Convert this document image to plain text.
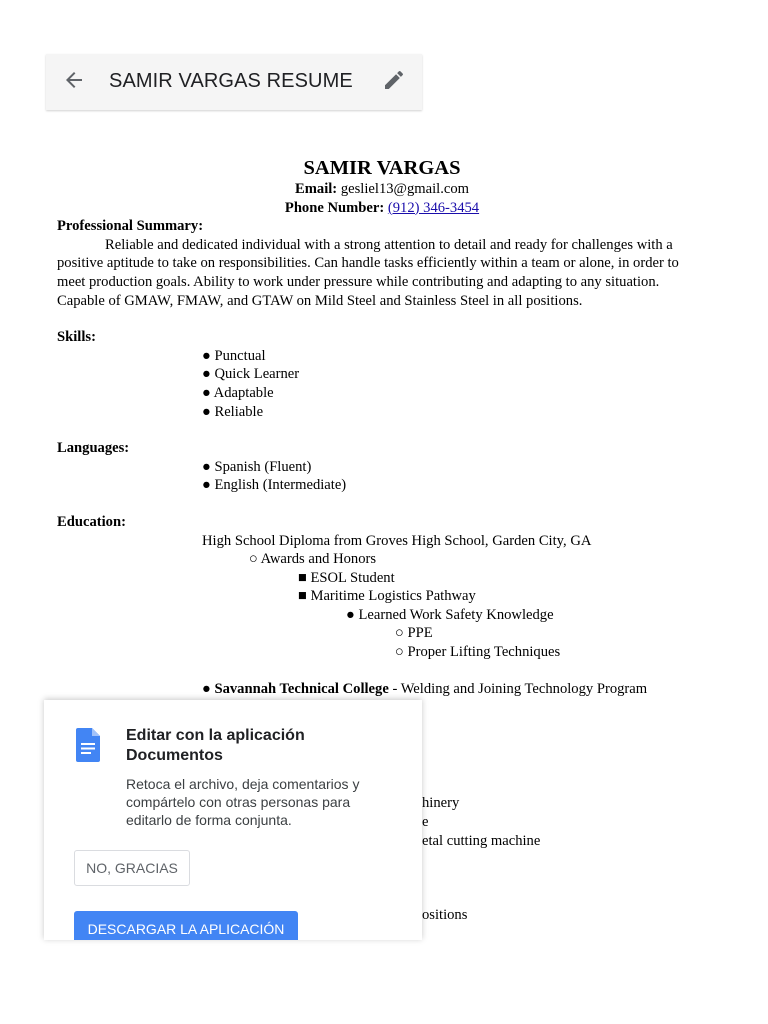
SAMIR VARGAS RESUME
SAMIR VARGAS
Email: gesliel13@gmail.com
Phone Number: (912) 346-3454
Professional Summary:

Reliable and dedicated individual with a strong attention to detail and ready for challenges with a positive aptitude to take on responsibilities. Can handle tasks efficiently within a team or alone, in order to meet production goals. Ability to work under pressure while contributing and adapting to any situation. Capable of GMAW, FMAW, and GTAW on Mild Steel and Stainless Steel in all positions.

Skills:
● Punctual
● Quick Learner
● Adaptable
● Reliable
Languages:
● Spanish (Fluent)
● English (Intermediate)
Education:
High School Diploma from Groves High School, Garden City, GA
○ Awards and Honors
■ ESOL Student
■ Maritime Logistics Pathway
● Learned Work Safety Knowledge
○ PPE
○ Proper Lifting Techniques
● Savannah Technical College - Welding and Joining Technology Program
hinery
e
etal cutting machine
ositions
Editar con la aplicación Documentos
Retoca el archivo, deja comentarios y compártelo con otras personas para editarlo de forma conjunta.
NO, GRACIAS
DESCARGAR LA APLICACIÓN
